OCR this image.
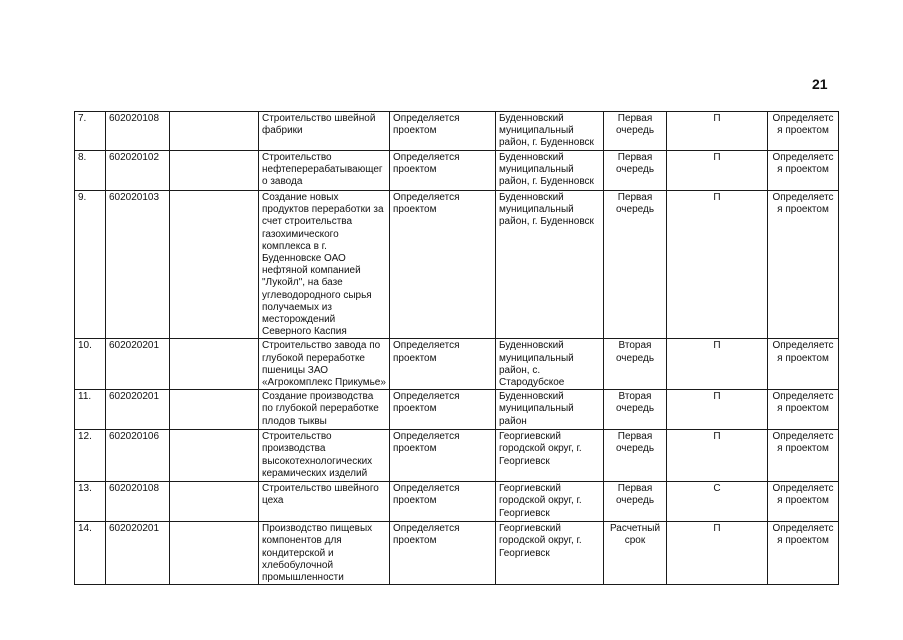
21
7.	602020108		Строительство швейной фабрики	Определяется проектом	Буденновский муниципальный район, г. Буденновск	Первая очередь	П	Определяется проектом
8.	602020102		Строительство нефтеперерабатывающего завода	Определяется проектом	Буденновский муниципальный район, г. Буденновск	Первая очередь	П	Определяется проектом
9.	602020103		Создание новых продуктов переработки за счет строительства газохимического комплекса в г. Буденновске ОАО нефтяной компанией "Лукойл", на базе углеводородного сырья получаемых из месторождений Северного Каспия	Определяется проектом	Буденновский муниципальный район, г. Буденновск	Первая очередь	П	Определяется проектом
10.	602020201		Строительство завода по глубокой переработке пшеницы ЗАО «Агрокомплекс Прикумье»	Определяется проектом	Буденновский муниципальный район, с. Стародубское	Вторая очередь	П	Определяется проектом
11.	602020201		Создание производства по глубокой переработке плодов тыквы	Определяется проектом	Буденновский муниципальный район	Вторая очередь	П	Определяется проектом
12.	602020106		Строительство производства высокотехнологических керамических изделий	Определяется проектом	Георгиевский городской округ, г. Георгиевск	Первая очередь	П	Определяется проектом
13.	602020108		Строительство швейного цеха	Определяется проектом	Георгиевский городской округ, г. Георгиевск	Первая очередь	С	Определяется проектом
14.	602020201		Производство пищевых компонентов для кондитерской и хлебобулочной промышленности	Определяется проектом	Георгиевский городской округ, г. Георгиевск	Расчетный срок	П	Определяется проектом
